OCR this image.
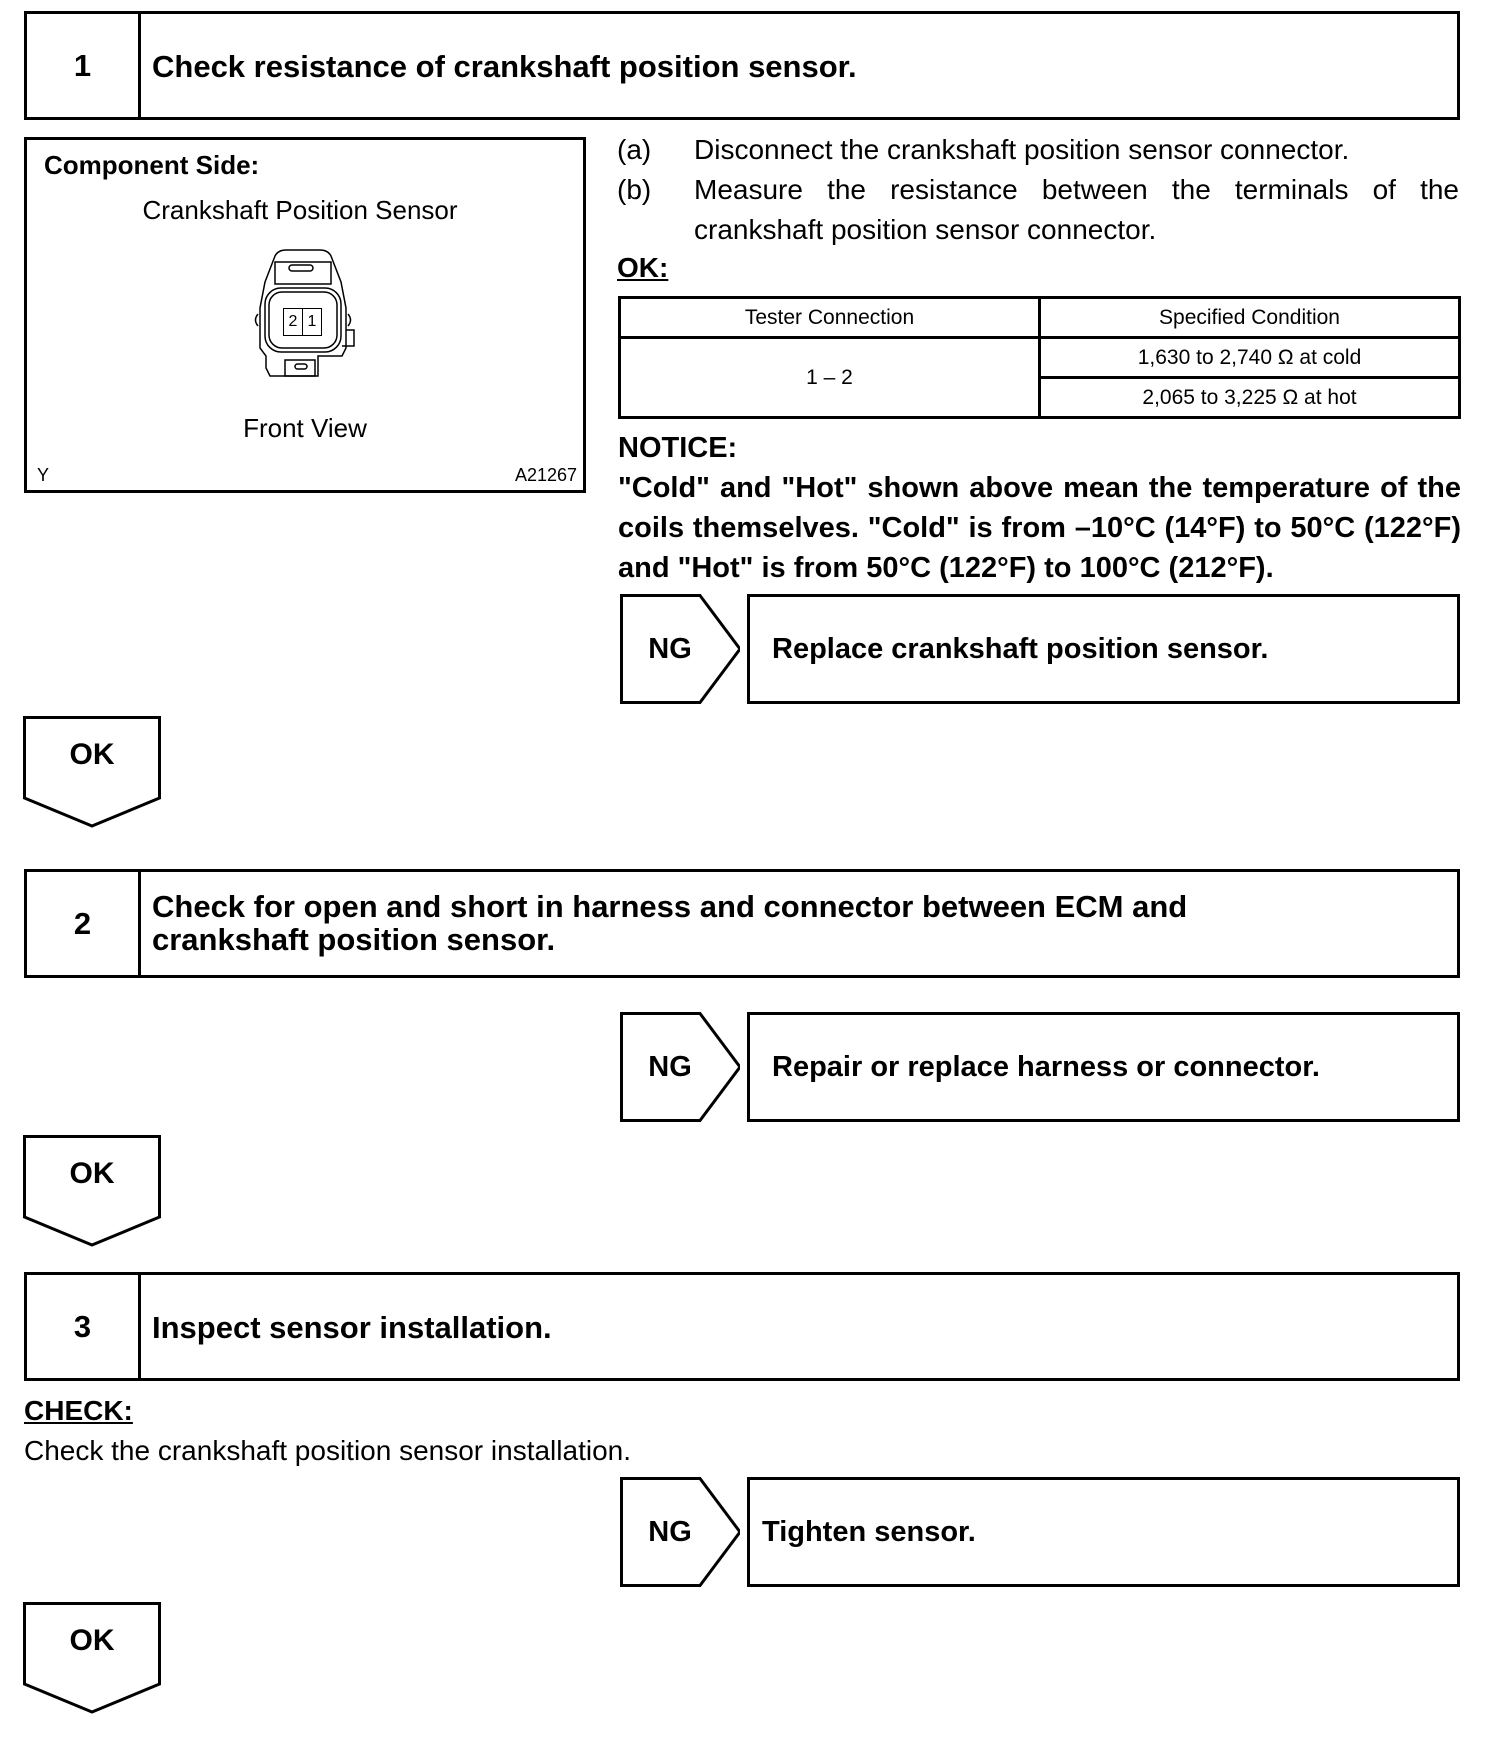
1	Check resistance of crankshaft position sensor.
Component Side:
Crankshaft Position Sensor
2 1
Front View
Y	A21267
(a) Disconnect the crankshaft position sensor connector.
(b) Measure the resistance between the terminals of the crankshaft position sensor connector.
OK:
Tester Connection	Specified Condition
1 – 2	1,630 to 2,740 Ω at cold
	2,065 to 3,225 Ω at hot
NOTICE:
"Cold" and "Hot" shown above mean the temperature of the coils themselves. "Cold" is from –10°C (14°F) to 50°C (122°F) and "Hot" is from 50°C (122°F) to 100°C (212°F).
NG	Replace crankshaft position sensor.
OK
2	Check for open and short in harness and connector between ECM and
crankshaft position sensor.
NG	Repair or replace harness or connector.
OK
3	Inspect sensor installation.
CHECK:
Check the crankshaft position sensor installation.
NG	Tighten sensor.
OK
